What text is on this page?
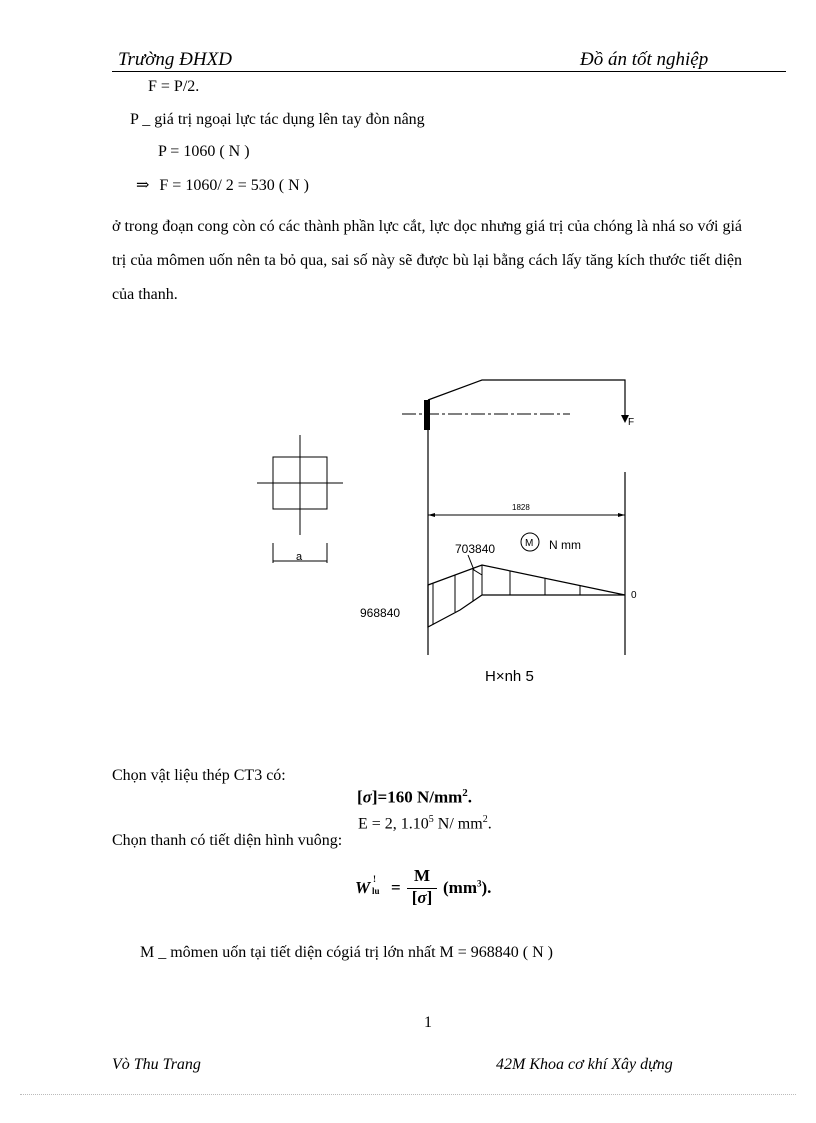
Trường ĐHXD	Đồ án tốt nghiệp
F = P/2.
P _ giá trị ngoại lực tác dụng lên tay đòn nâng
P = 1060 ( N )
⇒ F = 1060/ 2 = 530 ( N )
ở trong đoạn cong còn có các thành phần lực cắt, lực dọc nhưng giá trị của chóng là nhá so với giá trị của mômen uốn nên ta bỏ qua, sai số này sẽ được bù lại bằng cách lấy tăng kích thước tiết diện của thanh.
F
1828
703840	M N mm
968840
0
a
H×nh 5
Chọn vật liệu thép CT3 có:
[σ]=160 $N/mm^2$.
E = 2, 1.10$^5$ N/ $mm^2$.
Chọn thanh có tiết diện hình vuông:
W !
lu =
M
[σ]
$(mm^3)$.
M _ mômen uốn tại tiết diện cógiá trị lớn nhất M = 968840 ( N )
1
Vò Thu Trang	42M Khoa cơ khí Xây dựng
